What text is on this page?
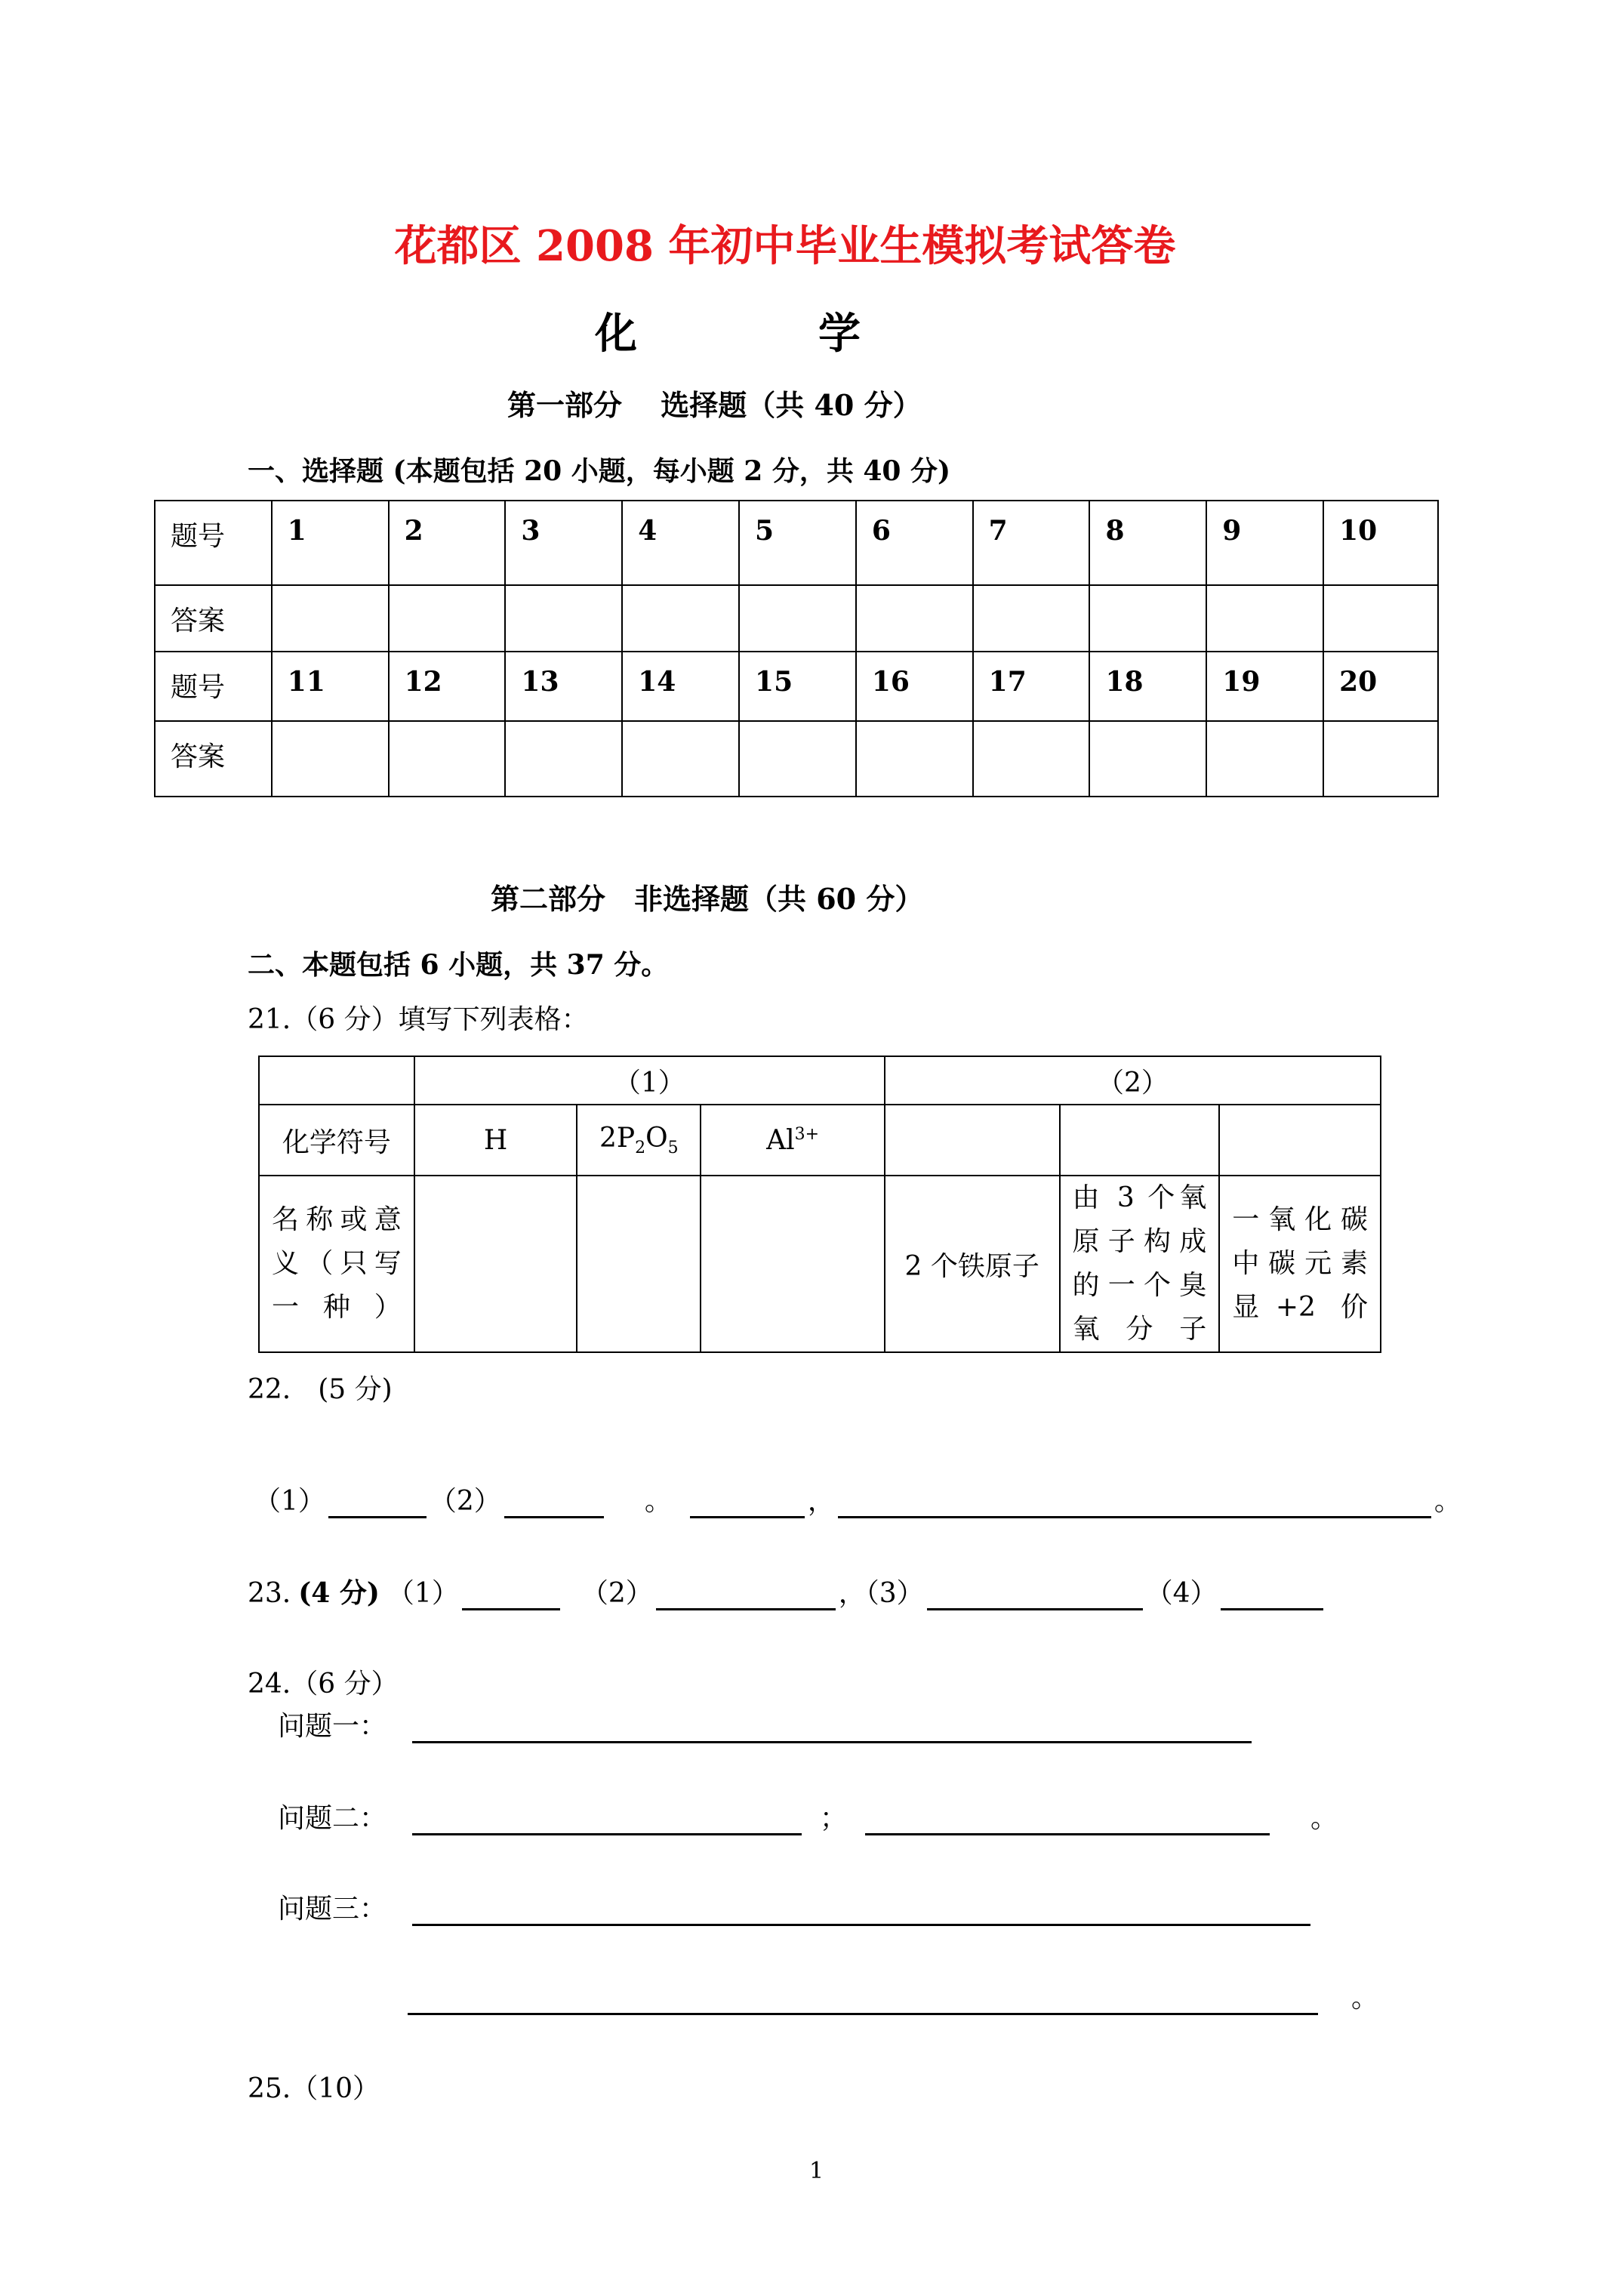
花都区 2008 年初中毕业生模拟考试答卷
化	学
第一部分　 选择题（共 40 分）
一、选择题 (本题包括 20 小题，每小题 2 分，共 40 分)
题号	1	2	3	4	5	6	7	8	9	10
答案										
题号	11	12	13	14	15	16	17	18	19	20
答案										
第二部分　非选择题（共 60 分）
二、本题包括 6 小题，共 37 分。
21.（6 分）填写下列表格：
	（1）			（2）		
化学符号	H	$2P_2O_5$	$Al^{3+}$			
名称或意义（只写一种）				2 个铁原子	由 3 个氧原子构成的一个臭氧分子	一氧化碳中碳元素显+2 价
22.　(5 分)
（1）	（2）	。	，	。
23. (4 分) （1）	（2）	，（3）	（4）
24.（6 分）
问题一：
问题二：	；	。
问题三：
。
25.（10）
1
